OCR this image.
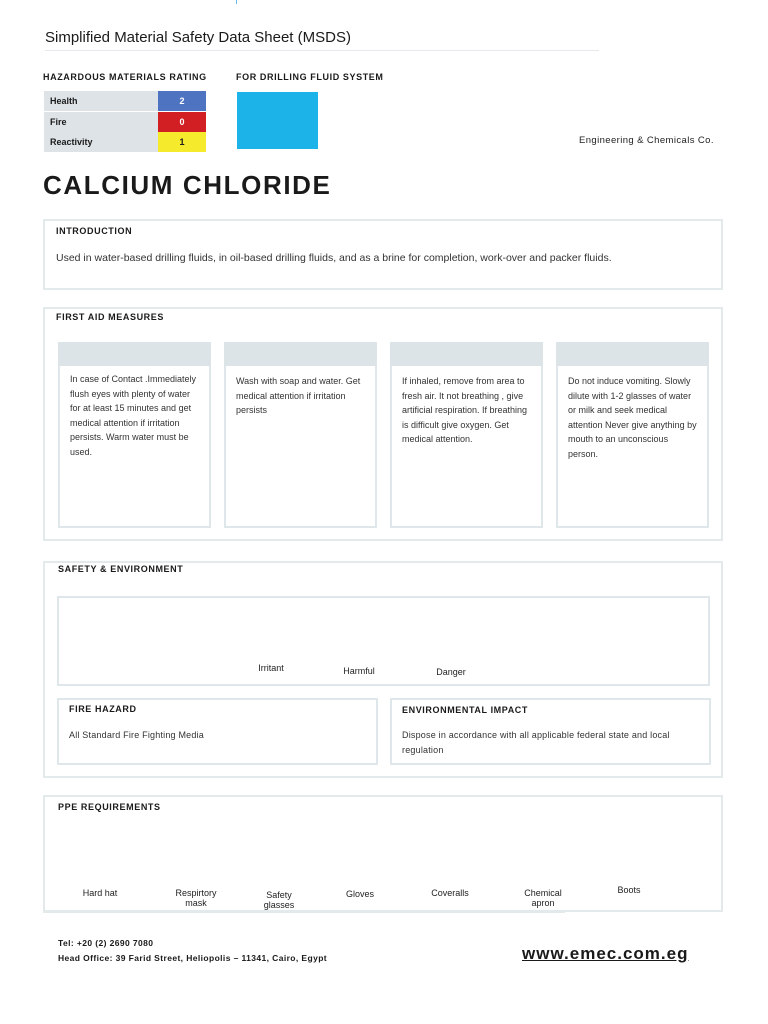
Simplified Material Safety Data Sheet (MSDS)
HAZARDOUS MATERIALS RATING	FOR DRILLING FLUID SYSTEM
Health	2
Fire	0
Reactivity	1	Engineering & Chemicals Co.
CALCIUM CHLORIDE
INTRODUCTION
Used in water-based drilling fluids, in oil-based drilling fluids, and as a brine for completion, work-over and packer fluids.
FIRST AID MEASURES
In case of Contact .Immediately flush eyes with plenty of water for at least 15 minutes and get medical attention if irritation persists. Warm water must be used.
Wash with soap and water. Get medical attention if irritation persists
If inhaled, remove from area to fresh air. It not breathing , give artificial respiration. If breathing is difficult give oxygen. Get medical attention.
Do not induce vomiting. Slowly dilute with 1-2 glasses of water or milk and seek medical attention Never give anything by mouth to an unconscious person.
SAFETY & ENVIRONMENT
Irritant	Harmful	Danger
FIRE HAZARD
All Standard Fire Fighting Media
ENVIRONMENTAL IMPACT
Dispose in accordance with all applicable federal state and local regulation
PPE REQUIREMENTS
Hard hat	Respirtory mask
Safety glasses
Gloves	Coveralls	Chemical apron
Boots
Tel: +20 (2) 2690 7080
Head Office: 39 Farid Street, Heliopolis – 11341, Cairo, Egypt	www.emec.com.eg
